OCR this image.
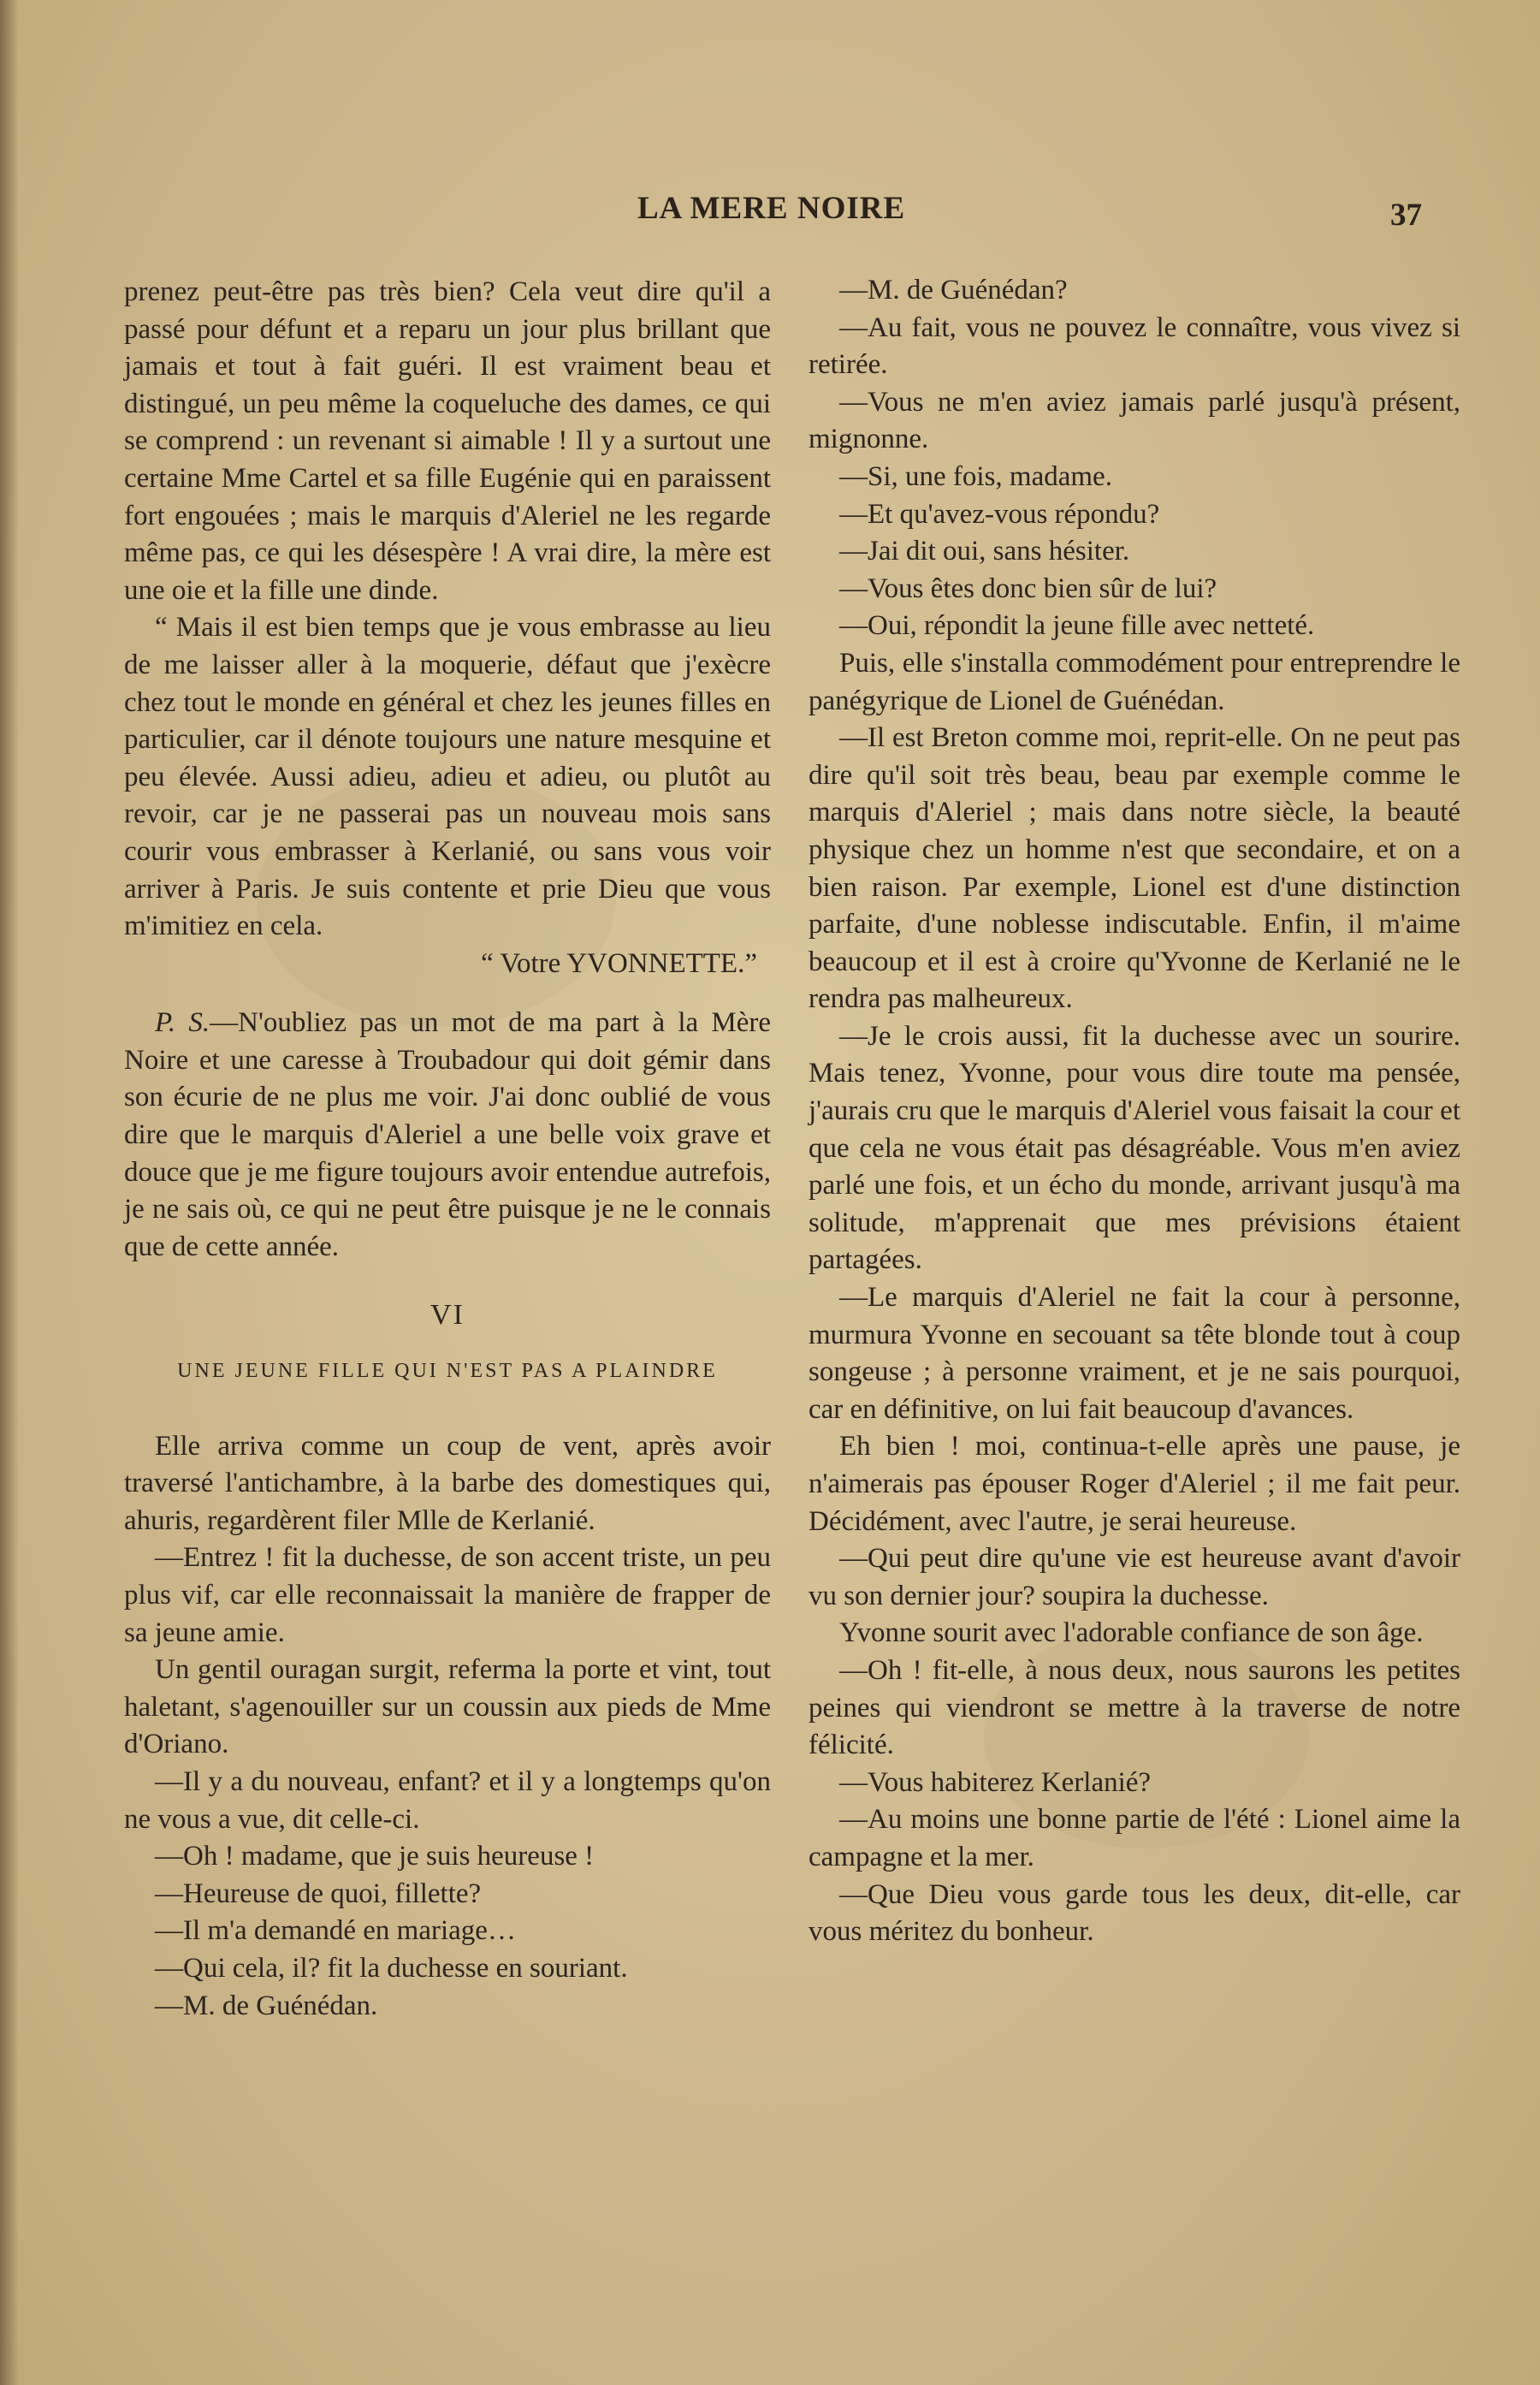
LA MERE NOIRE	37

prenez peut-être pas très bien? Cela veut dire qu'il a passé pour défunt et a reparu un jour plus brillant que jamais et tout à fait guéri. Il est vraiment beau et distingué, un peu même la coqueluche des dames, ce qui se comprend : un revenant si aimable ! Il y a surtout une certaine Mme Cartel et sa fille Eugénie qui en paraissent fort engouées ; mais le marquis d'Aleriel ne les regarde même pas, ce qui les désespère ! A vrai dire, la mère est une oie et la fille une dinde.

“ Mais il est bien temps que je vous embrasse au lieu de me laisser aller à la moquerie, défaut que j'exècre chez tout le monde en général et chez les jeunes filles en particulier, car il dénote toujours une nature mesquine et peu élevée. Aussi adieu, adieu et adieu, ou plutôt au revoir, car je ne passerai pas un nouveau mois sans courir vous embrasser à Kerlanié, ou sans vous voir arriver à Paris. Je suis contente et prie Dieu que vous m'imitiez en cela.

“ Votre YVONNETTE.”

P. S.—N'oubliez pas un mot de ma part à la Mère Noire et une caresse à Troubadour qui doit gémir dans son écurie de ne plus me voir. J'ai donc oublié de vous dire que le marquis d'Aleriel a une belle voix grave et douce que je me figure toujours avoir entendue autrefois, je ne sais où, ce qui ne peut être puisque je ne le connais que de cette année.

VI
UNE JEUNE FILLE QUI N'EST PAS A PLAINDRE

Elle arriva comme un coup de vent, après avoir traversé l'antichambre, à la barbe des domestiques qui, ahuris, regardèrent filer Mlle de Kerlanié.

—Entrez ! fit la duchesse, de son accent triste, un peu plus vif, car elle reconnaissait la manière de frapper de sa jeune amie.

Un gentil ouragan surgit, referma la porte et vint, tout haletant, s'agenouiller sur un coussin aux pieds de Mme d'Oriano.

—Il y a du nouveau, enfant? et il y a longtemps qu'on ne vous a vue, dit celle-ci.

—Oh ! madame, que je suis heureuse !

—Heureuse de quoi, fillette?

—Il m'a demandé en mariage…

—Qui cela, il? fit la duchesse en souriant.

—M. de Guénédan.

—M. de Guénédan?

—Au fait, vous ne pouvez le connaître, vous vivez si retirée.

—Vous ne m'en aviez jamais parlé jusqu'à présent, mignonne.

—Si, une fois, madame.

—Et qu'avez-vous répondu?

—Jai dit oui, sans hésiter.

—Vous êtes donc bien sûr de lui?

—Oui, répondit la jeune fille avec netteté.

Puis, elle s'installa commodément pour entreprendre le panégyrique de Lionel de Guénédan.

—Il est Breton comme moi, reprit-elle. On ne peut pas dire qu'il soit très beau, beau par exemple comme le marquis d'Aleriel ; mais dans notre siècle, la beauté physique chez un homme n'est que secondaire, et on a bien raison. Par exemple, Lionel est d'une distinction parfaite, d'une noblesse indiscutable. Enfin, il m'aime beaucoup et il est à croire qu'Yvonne de Kerlanié ne le rendra pas malheureux.

—Je le crois aussi, fit la duchesse avec un sourire. Mais tenez, Yvonne, pour vous dire toute ma pensée, j'aurais cru que le marquis d'Aleriel vous faisait la cour et que cela ne vous était pas désagréable. Vous m'en aviez parlé une fois, et un écho du monde, arrivant jusqu'à ma solitude, m'apprenait que mes prévisions étaient partagées.

—Le marquis d'Aleriel ne fait la cour à personne, murmura Yvonne en secouant sa tête blonde tout à coup songeuse ; à personne vraiment, et je ne sais pourquoi, car en définitive, on lui fait beaucoup d'avances.

Eh bien ! moi, continua-t-elle après une pause, je n'aimerais pas épouser Roger d'Aleriel ; il me fait peur. Décidément, avec l'autre, je serai heureuse.

—Qui peut dire qu'une vie est heureuse avant d'avoir vu son dernier jour? soupira la duchesse.

Yvonne sourit avec l'adorable confiance de son âge.

—Oh ! fit-elle, à nous deux, nous saurons les petites peines qui viendront se mettre à la traverse de notre félicité.

—Vous habiterez Kerlanié?

—Au moins une bonne partie de l'été : Lionel aime la campagne et la mer.

—Que Dieu vous garde tous les deux, dit-elle, car vous méritez du bonheur.
